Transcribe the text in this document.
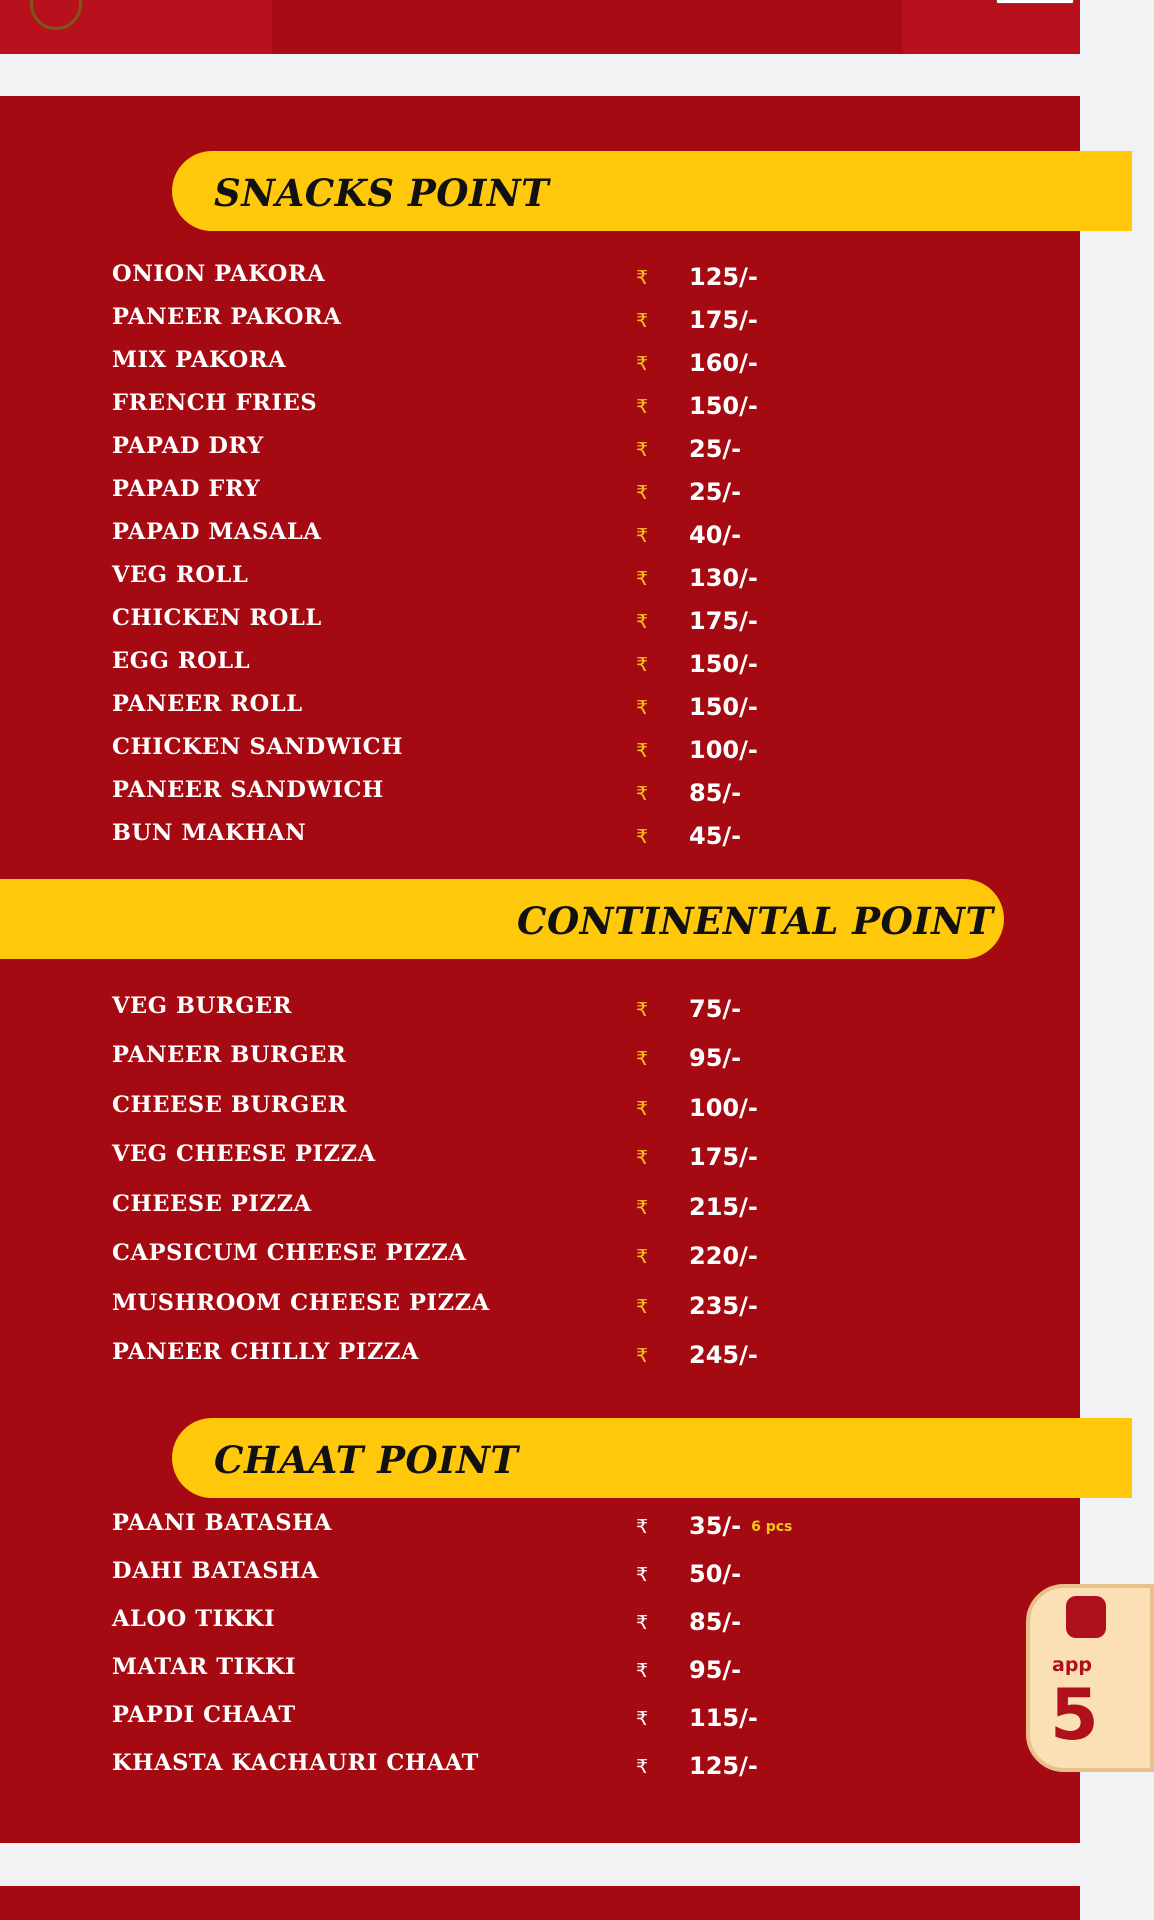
SNACKS POINT
ONION PAKORA	₹ 125/-
PANEER PAKORA	₹ 175/-
MIX PAKORA	₹ 160/-
FRENCH FRIES	₹ 150/-
PAPAD DRY	₹ 25/-
PAPAD FRY	₹ 25/-
PAPAD MASALA	₹ 40/-
VEG ROLL	₹ 130/-
CHICKEN ROLL	₹ 175/-
EGG ROLL	₹ 150/-
PANEER ROLL	₹ 150/-
CHICKEN SANDWICH	₹ 100/-
PANEER SANDWICH	₹ 85/-
BUN MAKHAN	₹ 45/-
CONTINENTAL POINT
VEG BURGER	₹ 75/-
PANEER BURGER	₹ 95/-
CHEESE BURGER	₹ 100/-
VEG CHEESE PIZZA	₹ 175/-
CHEESE PIZZA	₹ 215/-
CAPSICUM CHEESE PIZZA	₹ 220/-
MUSHROOM CHEESE PIZZA	₹ 235/-
PANEER CHILLY PIZZA	₹ 245/-
CHAAT POINT
PAANI BATASHA	₹ 35/- 6 pcs
DAHI BATASHA	₹ 50/-
ALOO TIKKI	₹ 85/-
MATAR TIKKI	₹ 95/-
PAPDI CHAAT	₹ 115/-
KHASTA KACHAURI CHAAT	₹ 125/-
app
5
